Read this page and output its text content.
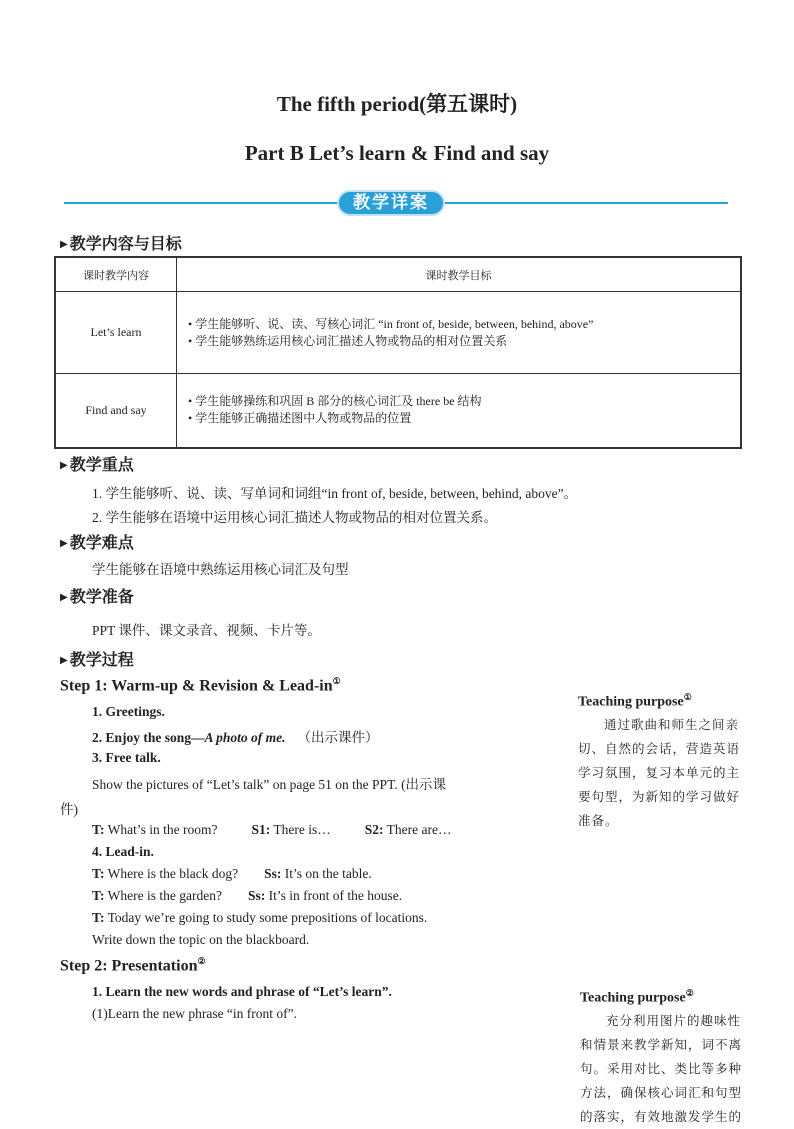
The fifth period(第五课时)
Part B Let’s learn & Find and say
教学详案
▶ 教学内容与目标
课时教学内容	课时教学目标
Let’s learn	• 学生能够听、说、读、写核心词汇 “in front of, beside, between, behind, above”
• 学生能够熟练运用核心词汇描述人物或物品的相对位置关系

Find and say	• 学生能够操练和巩固 B 部分的核心词汇及 there be 结构
• 学生能够正确描述图中人物或物品的位置
▶ 教学重点
1. 学生能够听、说、读、写单词和词组“in front of, beside, between, behind, above”。
2. 学生能够在语境中运用核心词汇描述人物或物品的相对位置关系。
▶ 教学难点
学生能够在语境中熟练运用核心词汇及句型
▶ 教学准备
PPT 课件、课文录音、视频、卡片等。
▶ 教学过程
Step 1: Warm-up & Revision & Lead-in①
1. Greetings.
2. Enjoy the song—A photo of me. （出示课件）
3. Free talk.
Show the pictures of “Let’s talk” on page 51 on the PPT. (出示课
件)
T: What’s in the room?	S1: There is…	S2: There are…
4. Lead-in.
T: Where is the black dog? Ss: It’s on the table.
T: Where is the garden? Ss: It’s in front of the house.
T: Today we’re going to study some prepositions of locations.
Write down the topic on the blackboard.
Step 2: Presentation②
1. Learn the new words and phrase of “Let’s learn”.
(1)Learn the new phrase “in front of”.
Teaching purpose①
通过歌曲和师生之间亲
切、自然的会话，营造英语
学习氛围，复习本单元的主
要句型，为新知的学习做好
准备。
Teaching purpose②
充分利用图片的趣味性
和情景来教学新知，词不离
句。采用对比、类比等多种
方法，确保核心词汇和句型
的落实，有效地激发学生的
